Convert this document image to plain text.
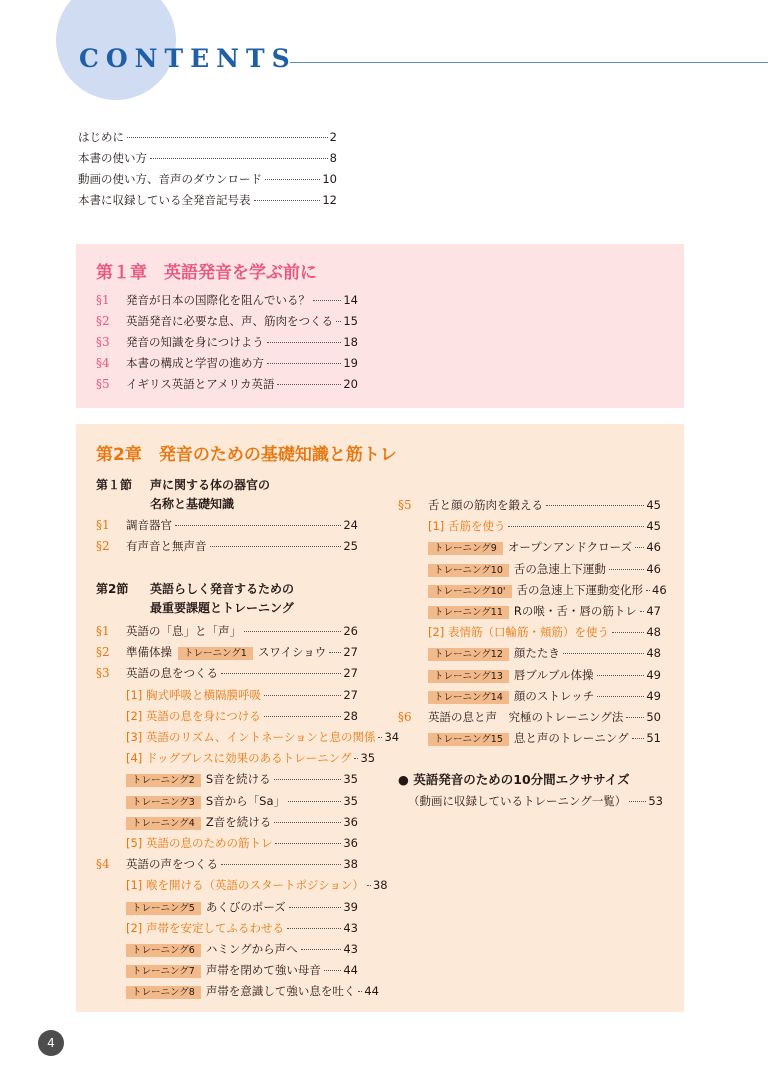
CONTENTS
はじめに	2
本書の使い方	8
動画の使い方、音声のダウンロード	10
本書に収録している全発音記号表	12
第１章　英語発音を学ぶ前に
§1	発音が日本の国際化を阻んでいる？	14
§2	英語発音に必要な息、声、筋肉をつくる 15
§3	発音の知識を身につけよう	18
§4	本書の構成と学習の進め方	19
§5	イギリス英語とアメリカ英語	20
第2章　発音のための基礎知識と筋トレ
第１節 声に関する体の器官の
名称と基礎知識
§1	調音器官	24
§2	有声音と無声音	25
第2節 英語らしく発音するための
最重要課題とトレーニング
§1	英語の「息」と「声」	26
§2	準備体操	トレーニング1 スワイショウ 27
§3	英語の息をつくる	27
[1] 胸式呼吸と横隔膜呼吸	27
[2] 英語の息を身につける	28
[3] 英語のリズム、イントネーションと息の関係 34
[4] ドッグブレスに効果のあるトレーニング 35
トレーニング2 S音を続ける	35
トレーニング3 S音から「Sa」	35
トレーニング4 Z音を続ける	36
[5] 英語の息のための筋トレ	36
§4	英語の声をつくる	38
[1] 喉を開ける（英語のスタートポジション） 38
トレーニング5 あくびのポーズ	39
[2] 声帯を安定してふるわせる	43
トレーニング6 ハミングから声へ	43
トレーニング7 声帯を閉めて強い母音 44
トレーニング8 声帯を意識して強い息を吐く 44
§5	舌と顔の筋肉を鍛える	45
[1] 舌筋を使う	45
トレーニング9 オープンアンドクローズ 46
トレーニング10 舌の急速上下運動	46
トレーニング10' 舌の急速上下運動変化形 46
トレーニング11 Rの喉・舌・唇の筋トレ 47
[2] 表情筋（口輪筋・頬筋）を使う	48
トレーニング12 顔たたき	48
トレーニング13 唇ブルブル体操	49
トレーニング14 顔のストレッチ	49
§6	英語の息と声　究極のトレーニング法 50
トレーニング15 息と声のトレーニング 51
● 英語発音のための10分間エクササイズ
（動画に収録しているトレーニング一覧） 53
4
